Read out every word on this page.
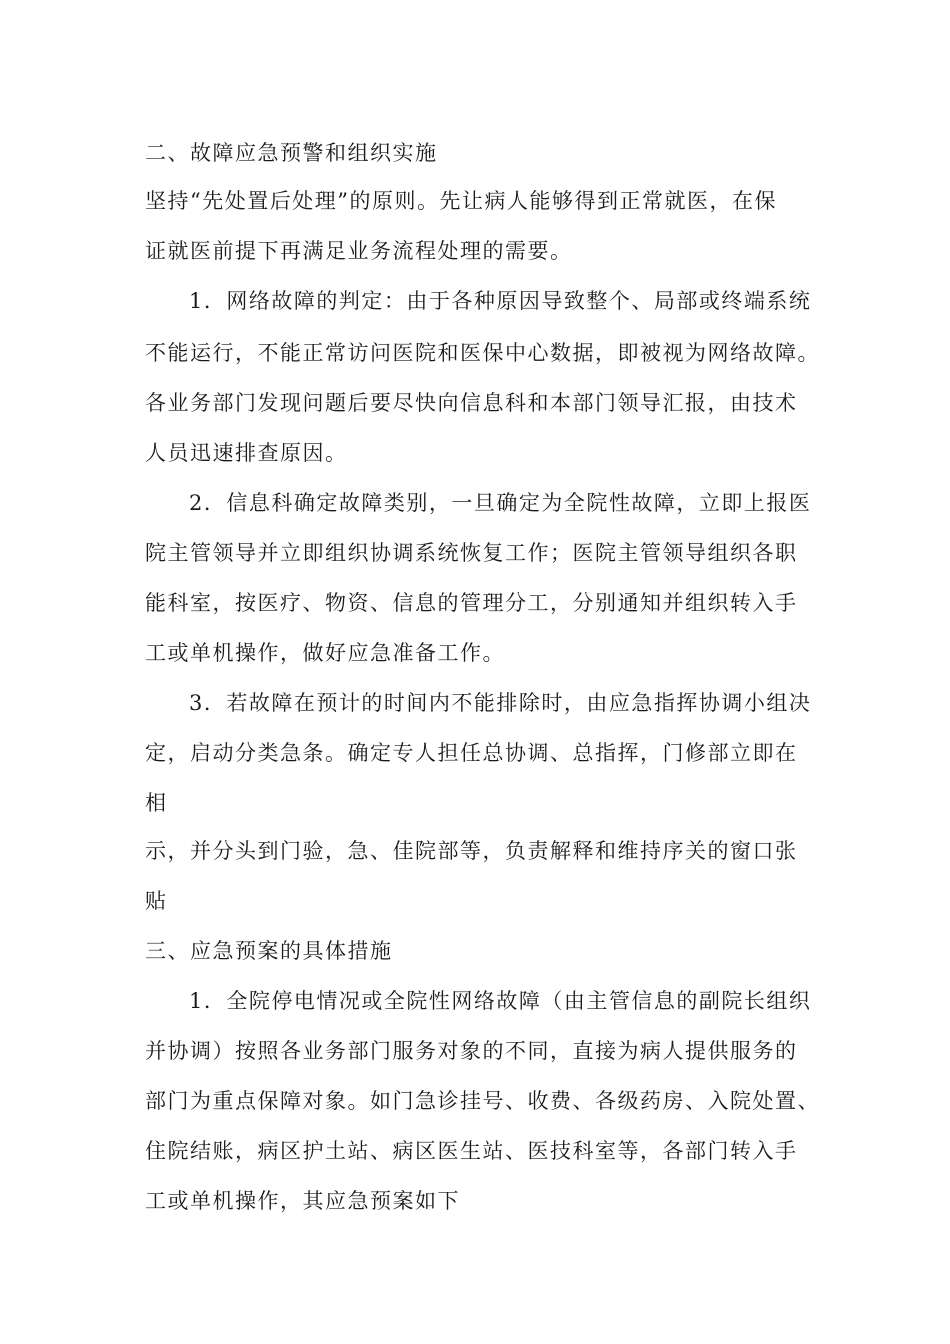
二、故障应急预警和组织实施
坚持“先处置后处理”的原则。先让病人能够得到正常就医，在保
证就医前提下再满足业务流程处理的需要。
1．网络故障的判定：由于各种原因导致整个、局部或终端系统
不能运行，不能正常访问医院和医保中心数据，即被视为网络故障。
各业务部门发现问题后要尽快向信息科和本部门领导汇报，由技术
人员迅速排查原因。
2．信息科确定故障类别，一旦确定为全院性故障，立即上报医
院主管领导并立即组织协调系统恢复工作；医院主管领导组织各职
能科室，按医疗、物资、信息的管理分工，分别通知并组织转入手
工或单机操作，做好应急准备工作。
3．若故障在预计的时间内不能排除时，由应急指挥协调小组决
定，启动分类急条。确定专人担任总协调、总指挥，门修部立即在
相
示，并分头到门验，急、佳院部等，负责解释和维持序关的窗口张
贴
三、应急预案的具体措施
1．全院停电情况或全院性网络故障（由主管信息的副院长组织
并协调）按照各业务部门服务对象的不同，直接为病人提供服务的
部门为重点保障对象。如门急诊挂号、收费、各级药房、入院处置、
住院结账，病区护土站、病区医生站、医技科室等，各部门转入手
工或单机操作，其应急预案如下
